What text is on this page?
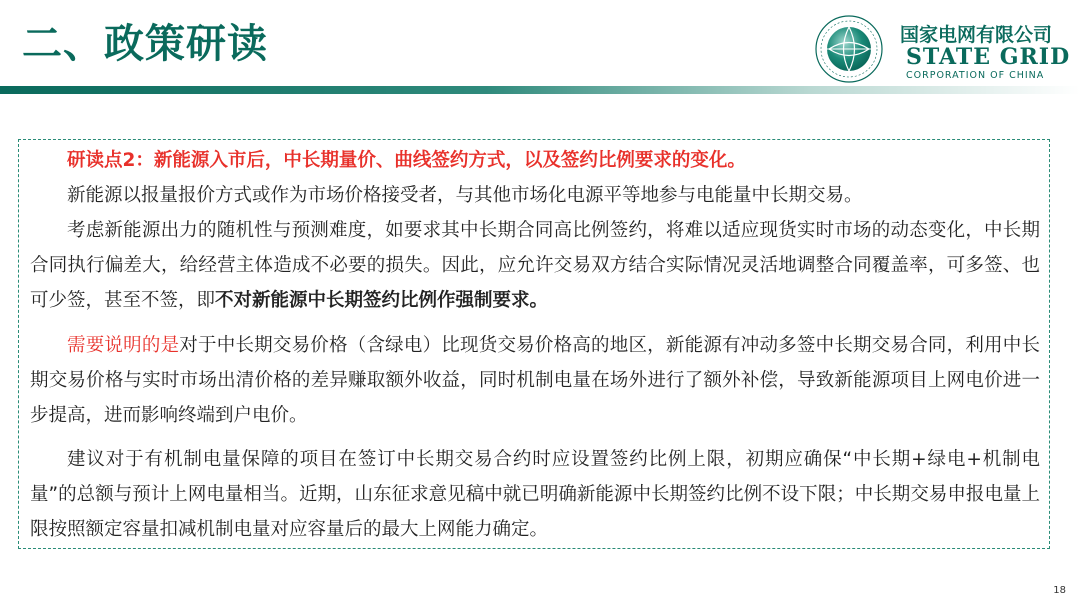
二、政策研读	国家电网有限公司
STATE GRID
CORPORATION OF CHINA
研读点2：新能源入市后，中长期量价、曲线签约方式，以及签约比例要求的变化。
新能源以报量报价方式或作为市场价格接受者，与其他市场化电源平等地参与电能量中长期交易。
考虑新能源出力的随机性与预测难度，如要求其中长期合同高比例签约，将难以适应现货实时市场的动态变化，中长期合同执行偏差大，给经营主体造成不必要的损失。因此，应允许交易双方结合实际情况灵活地调整合同覆盖率，可多签、也可少签，甚至不签，即不对新能源中长期签约比例作强制要求。
需要说明的是对于中长期交易价格（含绿电）比现货交易价格高的地区，新能源有冲动多签中长期交易合同，利用中长期交易价格与实时市场出清价格的差异赚取额外收益，同时机制电量在场外进行了额外补偿，导致新能源项目上网电价进一步提高，进而影响终端到户电价。
建议对于有机制电量保障的项目在签订中长期交易合约时应设置签约比例上限，初期应确保“中长期+绿电+机制电量”的总额与预计上网电量相当。近期，山东征求意见稿中就已明确新能源中长期签约比例不设下限；中长期交易申报电量上限按照额定容量扣减机制电量对应容量后的最大上网能力确定。
18
